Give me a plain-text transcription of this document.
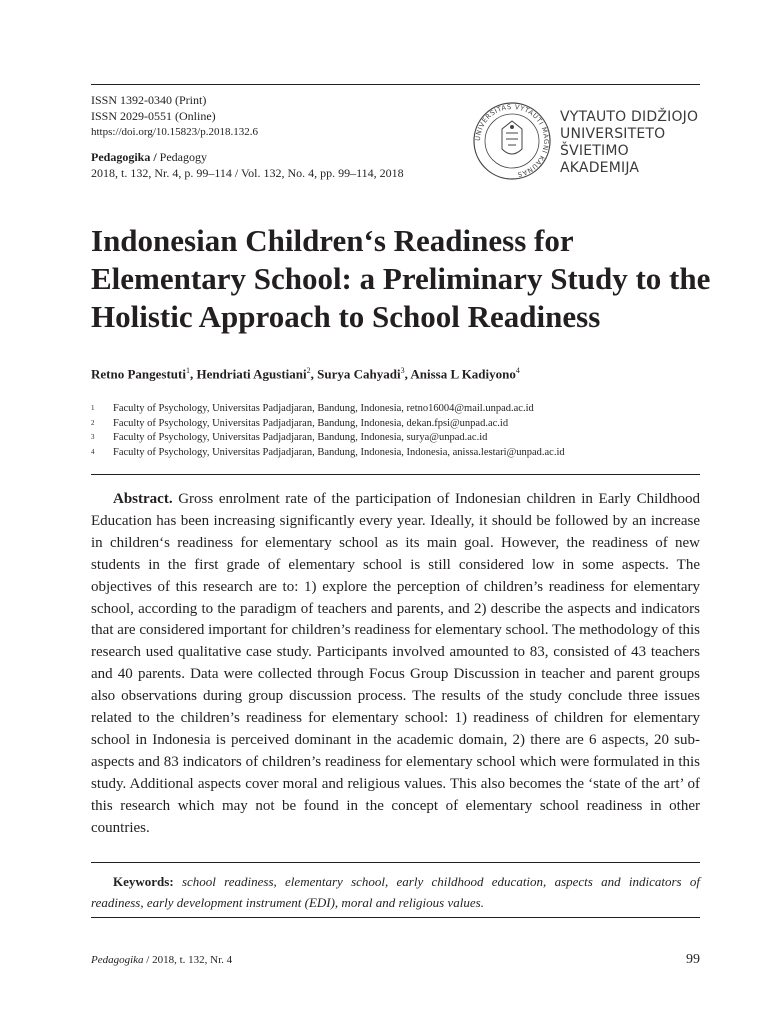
ISSN 1392-0340 (Print)
ISSN 2029-0551 (Online)
https://doi.org/10.15823/p.2018.132.6
Pedagogika / Pedagogy
2018, t. 132, Nr. 4, p. 99–114 / Vol. 132, No. 4, pp. 99–114, 2018
UNIVERSITAS VYTAUTI MAGNI KAUNAS
VYTAUTO DIDŽIOJO
UNIVERSITETO
ŠVIETIMO
AKADEMIJA
Indonesian Children‘s Readiness for Elementary School: a Preliminary Study to the Holistic Approach to School Readiness
Retno Pangestuti$^1$, Hendriati Agustiani$^2$, Surya Cahyadi$^3$, Anissa L Kadiyono$^4$
1	Faculty of Psychology, Universitas Padjadjaran, Bandung, Indonesia, retno16004@mail.unpad.ac.id
2	Faculty of Psychology, Universitas Padjadjaran, Bandung, Indonesia, dekan.fpsi@unpad.ac.id
3	Faculty of Psychology, Universitas Padjadjaran, Bandung, Indonesia, surya@unpad.ac.id
4	Faculty of Psychology, Universitas Padjadjaran, Bandung, Indonesia, Indonesia, anissa.lestari@unpad.ac.id

Abstract. Gross enrolment rate of the participation of Indonesian children in Early Childhood Education has been increasing significantly every year. Ideally, it should be followed by an increase in children‘s readiness for elementary school as its main goal. However, the readiness of new students in the first grade of elementary school is still considered low in some aspects. The objectives of this research are to: 1) explore the perception of children’s readiness for elementary school, according to the paradigm of teachers and parents, and 2) describe the aspects and indicators that are considered important for children’s readiness for elementary school. The methodology of this research used qualitative case study. Participants involved amounted to 83, consisted of 43 teachers and 40 parents. Data were collected through Focus Group Discussion in teacher and parent groups also observations during group discussion process. The results of the study conclude three issues related to the children’s readiness for elementary school: 1) readiness of children for elementary school in Indonesia is perceived dominant in the academic domain, 2) there are 6 aspects, 20 sub-aspects and 83 indicators of children’s readiness for elementary school which were formulated in this study. Additional aspects cover moral and religious values. This also becomes the ‘state of the art’ of this research which may not be found in the concept of elementary school readiness in other countries.

Keywords: school readiness, elementary school, early childhood education, aspects and indicators of readiness, early development instrument (EDI), moral and religious values.

Pedagogika / 2018, t. 132, Nr. 4	99
